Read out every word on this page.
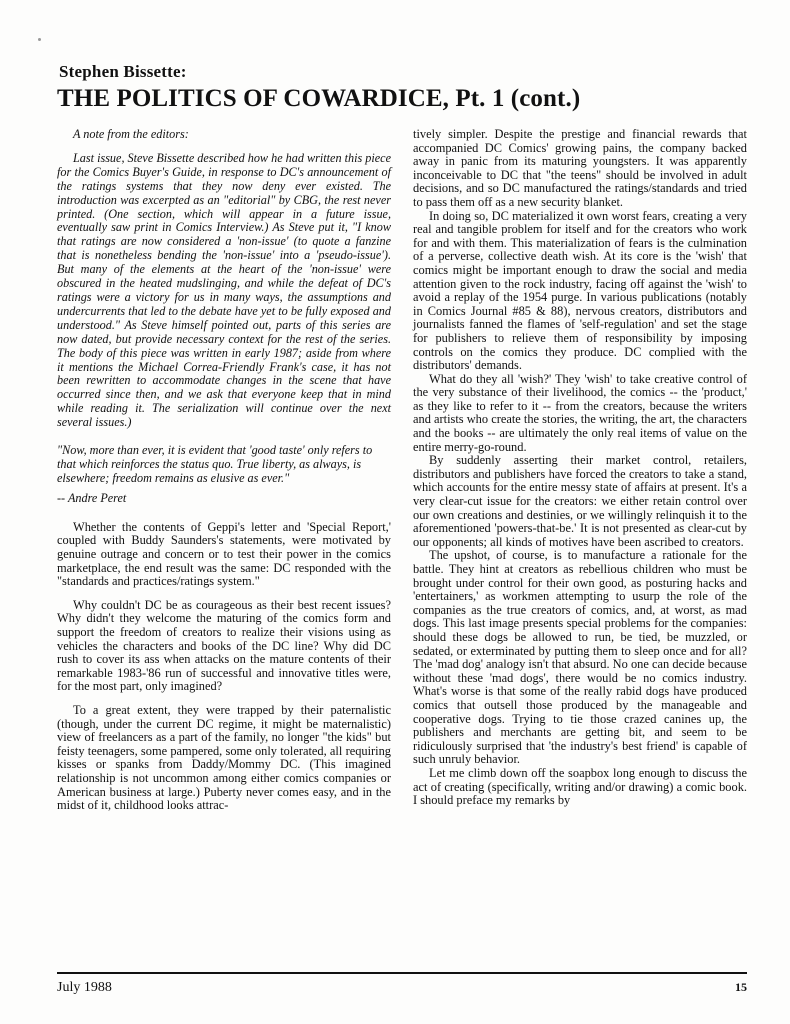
Stephen Bissette:
THE POLITICS OF COWARDICE, Pt. 1 (cont.)

A note from the editors:

Last issue, Steve Bissette described how he had written this piece for the Comics Buyer's Guide, in response to DC's announcement of the ratings systems that they now deny ever existed. The introduction was excerpted as an "editorial" by CBG, the rest never printed. (One section, which will appear in a future issue, eventually saw print in Comics Interview.) As Steve put it, "I know that ratings are now considered a 'non-issue' (to quote a fanzine that is nonetheless bending the 'non-issue' into a 'pseudo-issue'). But many of the elements at the heart of the 'non-issue' were obscured in the heated mudslinging, and while the defeat of DC's ratings were a victory for us in many ways, the assumptions and undercurrents that led to the debate have yet to be fully exposed and understood." As Steve himself pointed out, parts of this series are now dated, but provide necessary context for the rest of the series. The body of this piece was written in early 1987; aside from where it mentions the Michael Correa-Friendly Frank's case, it has not been rewritten to accommodate changes in the scene that have occurred since then, and we ask that everyone keep that in mind while reading it. The serialization will continue over the next several issues.)

"Now, more than ever, it is evident that 'good taste' only refers to that which reinforces the status quo. True liberty, as always, is elsewhere; freedom remains as elusive as ever."

-- Andre Peret

Whether the contents of Geppi's letter and 'Special Report,' coupled with Buddy Saunders's statements, were motivated by genuine outrage and concern or to test their power in the comics marketplace, the end result was the same: DC responded with the "standards and practices/ratings system."

Why couldn't DC be as courageous as their best recent issues? Why didn't they welcome the maturing of the comics form and support the freedom of creators to realize their visions using as vehicles the characters and books of the DC line? Why did DC rush to cover its ass when attacks on the mature contents of their remarkable 1983-'86 run of successful and innovative titles were, for the most part, only imagined?

To a great extent, they were trapped by their paternalistic (though, under the current DC regime, it might be maternalistic) view of freelancers as a part of the family, no longer "the kids" but feisty teenagers, some pampered, some only tolerated, all requiring kisses or spanks from Daddy/Mommy DC. (This imagined relationship is not uncommon among either comics companies or American business at large.) Puberty never comes easy, and in the midst of it, childhood looks attrac-

tively simpler. Despite the prestige and financial rewards that accompanied DC Comics' growing pains, the company backed away in panic from its maturing youngsters. It was apparently inconceivable to DC that "the teens" should be involved in adult decisions, and so DC manufactured the ratings/standards and tried to pass them off as a new security blanket.

In doing so, DC materialized it own worst fears, creating a very real and tangible problem for itself and for the creators who work for and with them. This materialization of fears is the culmination of a perverse, collective death wish. At its core is the 'wish' that comics might be important enough to draw the social and media attention given to the rock industry, facing off against the 'wish' to avoid a replay of the 1954 purge. In various publications (notably in Comics Journal #85 & 88), nervous creators, distributors and journalists fanned the flames of 'self-regulation' and set the stage for publishers to relieve them of responsibility by imposing controls on the comics they produce. DC complied with the distributors' demands.

What do they all 'wish?' They 'wish' to take creative control of the very substance of their livelihood, the comics -- the 'product,' as they like to refer to it -- from the creators, because the writers and artists who create the stories, the writing, the art, the characters and the books -- are ultimately the only real items of value on the entire merry-go-round.

By suddenly asserting their market control, retailers, distributors and publishers have forced the creators to take a stand, which accounts for the entire messy state of affairs at present. It's a very clear-cut issue for the creators: we either retain control over our own creations and destinies, or we willingly relinquish it to the aforementioned 'powers-that-be.' It is not presented as clear-cut by our opponents; all kinds of motives have been ascribed to creators.

The upshot, of course, is to manufacture a rationale for the battle. They hint at creators as rebellious children who must be brought under control for their own good, as posturing hacks and 'entertainers,' as workmen attempting to usurp the role of the companies as the true creators of comics, and, at worst, as mad dogs. This last image presents special problems for the companies: should these dogs be allowed to run, be tied, be muzzled, or sedated, or exterminated by putting them to sleep once and for all? The 'mad dog' analogy isn't that absurd. No one can decide because without these 'mad dogs', there would be no comics industry. What's worse is that some of the really rabid dogs have produced comics that outsell those produced by the manageable and cooperative dogs. Trying to tie those crazed canines up, the publishers and merchants are getting bit, and seem to be ridiculously surprised that 'the industry's best friend' is capable of such unruly behavior.

Let me climb down off the soapbox long enough to discuss the act of creating (specifically, writing and/or drawing) a comic book. I should preface my remarks by

July 1988	15
